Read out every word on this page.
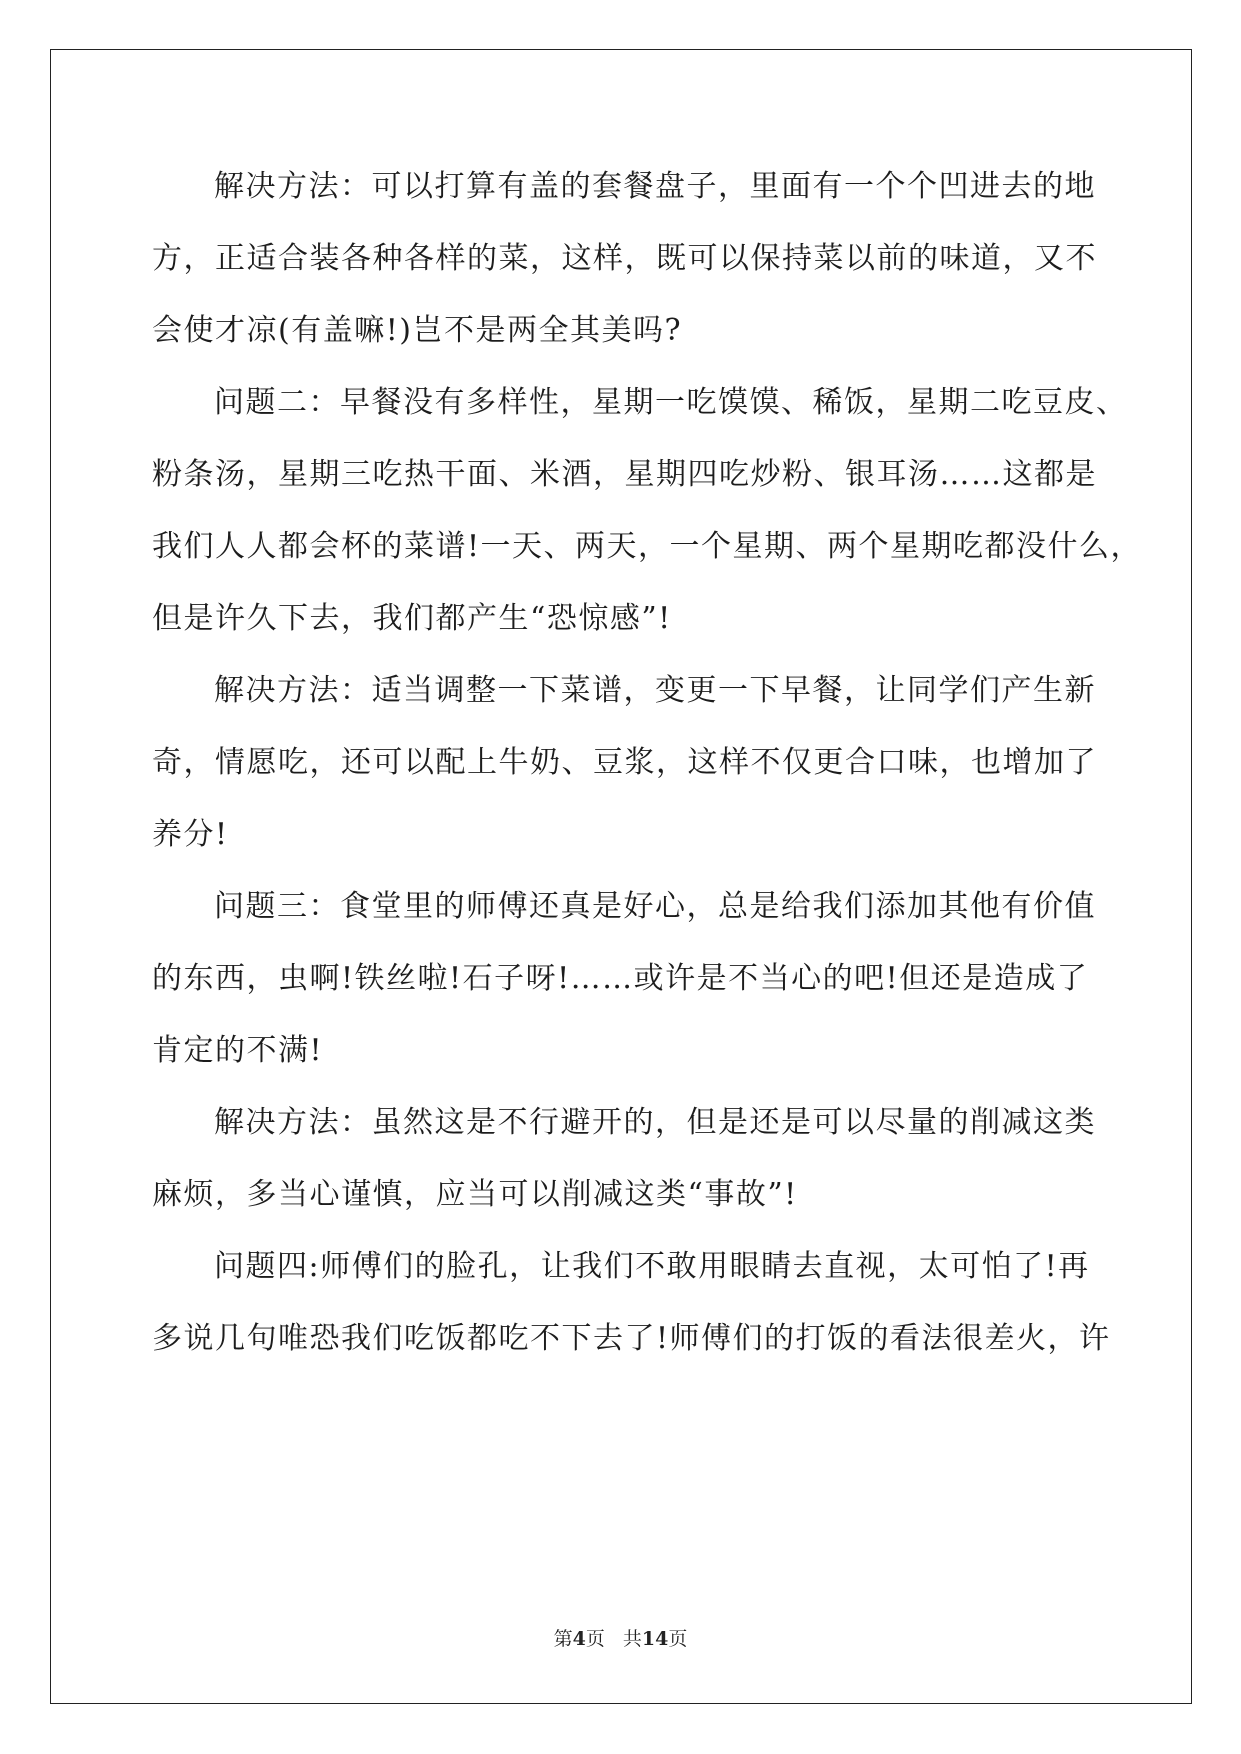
解决方法：可以打算有盖的套餐盘子，里面有一个个凹进去的地
方，正适合装各种各样的菜，这样，既可以保持菜以前的味道，又不
会使才凉(有盖嘛!)岂不是两全其美吗?
问题二：早餐没有多样性，星期一吃馍馍、稀饭，星期二吃豆皮、
粉条汤，星期三吃热干面、米酒，星期四吃炒粉、银耳汤……这都是
我们人人都会杯的菜谱!一天、两天，一个星期、两个星期吃都没什么，
但是许久下去，我们都产生“恐惊感”!
解决方法：适当调整一下菜谱，变更一下早餐，让同学们产生新
奇，情愿吃，还可以配上牛奶、豆浆，这样不仅更合口味，也增加了
养分!
问题三：食堂里的师傅还真是好心，总是给我们添加其他有价值
的东西，虫啊!铁丝啦!石子呀!……或许是不当心的吧!但还是造成了
肯定的不满!
解决方法：虽然这是不行避开的，但是还是可以尽量的削减这类
麻烦，多当心谨慎，应当可以削减这类“事故”!
问题四:师傅们的脸孔，让我们不敢用眼睛去直视，太可怕了!再
多说几句唯恐我们吃饭都吃不下去了!师傅们的打饭的看法很差火，许
第4页 共14页
